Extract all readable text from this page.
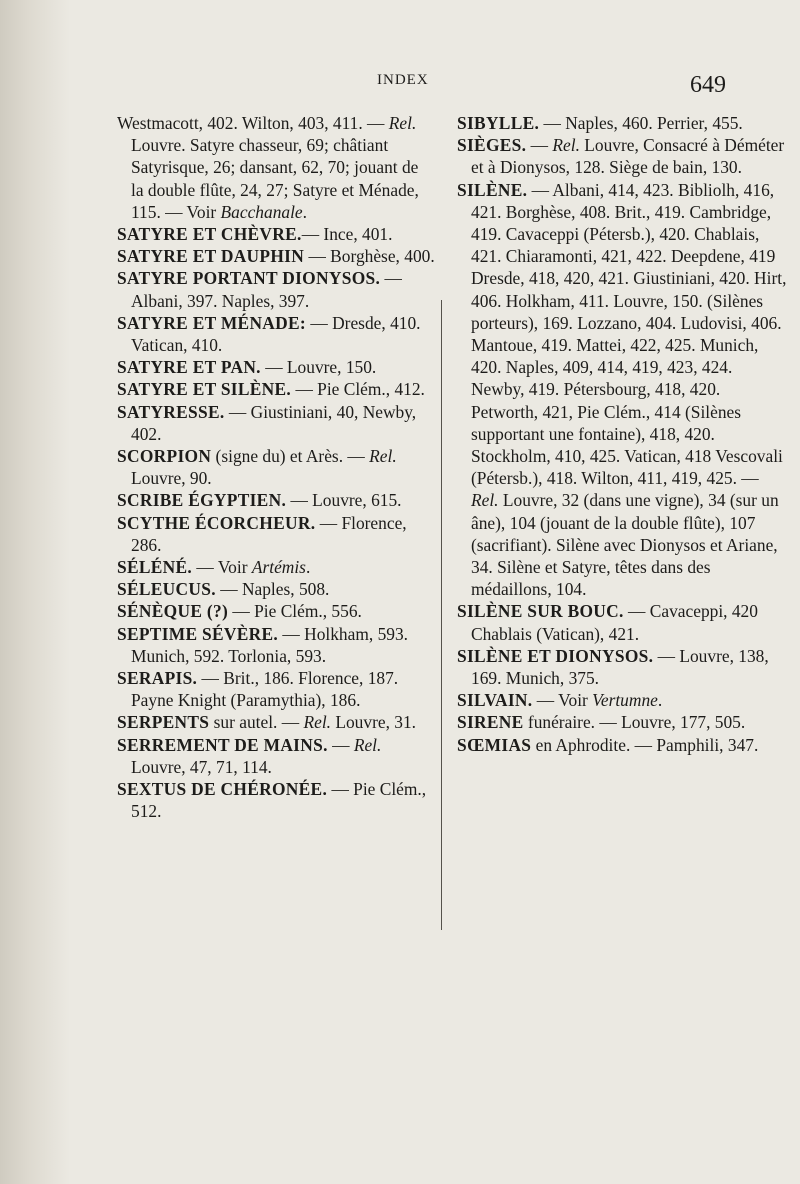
INDEX	649
Westmacott, 402. Wilton, 403, 411. — Rel. Louvre. Satyre chasseur, 69; châtiant Satyrisque, 26; dansant, 62, 70; jouant de la double flûte, 24, 27; Satyre et Ménade, 115. — Voir Bacchanale.
SATYRE ET CHÈVRE.— Ince, 401.
SATYRE ET DAUPHIN — Borghèse, 400.
SATYRE PORTANT DIONYSOS. — Albani, 397. Naples, 397.
SATYRE ET MÉNADE: — Dresde, 410. Vatican, 410.
SATYRE ET PAN. — Louvre, 150.
SATYRE ET SILÈNE. — Pie Clém., 412.
SATYRESSE. — Giustiniani, 40, Newby, 402.
SCORPION (signe du) et Arès. — Rel. Louvre, 90.
SCRIBE ÉGYPTIEN. — Louvre, 615.
SCYTHE ÉCORCHEUR. — Florence, 286.
SÉLÉNÉ. — Voir Artémis.
SÉLEUCUS. — Naples, 508.
SÉNÈQUE (?) — Pie Clém., 556.
SEPTIME SÉVÈRE. — Holkham, 593. Munich, 592. Torlonia, 593.
SERAPIS. — Brit., 186. Florence, 187. Payne Knight (Paramythia), 186.
SERPENTS sur autel. — Rel. Louvre, 31.
SERREMENT DE MAINS. — Rel. Louvre, 47, 71, 114.
SEXTUS DE CHÉRONÉE. — Pie Clém., 512.
SIBYLLE. — Naples, 460. Perrier, 455.
SIÈGES. — Rel. Louvre, Consacré à Déméter et à Dionysos, 128. Siège de bain, 130.
SILÈNE. — Albani, 414, 423. Bibliolh, 416, 421. Borghèse, 408. Brit., 419. Cambridge, 419. Cavaceppi (Pétersb.), 420. Chablais, 421. Chiaramonti, 421, 422. Deepdene, 419 Dresde, 418, 420, 421. Giustiniani, 420. Hirt, 406. Holkham, 411. Louvre, 150. (Silènes porteurs), 169. Lozzano, 404. Ludovisi, 406. Mantoue, 419. Mattei, 422, 425. Munich, 420. Naples, 409, 414, 419, 423, 424. Newby, 419. Pétersbourg, 418, 420. Petworth, 421, Pie Clém., 414 (Silènes supportant une fontaine), 418, 420. Stockholm, 410, 425. Vatican, 418 Vescovali (Pétersb.), 418. Wilton, 411, 419, 425. — Rel. Louvre, 32 (dans une vigne), 34 (sur un âne), 104 (jouant de la double flûte), 107 (sacrifiant). Silène avec Dionysos et Ariane, 34. Silène et Satyre, têtes dans des médaillons, 104.
SILÈNE SUR BOUC. — Cavaceppi, 420 Chablais (Vatican), 421.
SILÈNE ET DIONYSOS. — Louvre, 138, 169. Munich, 375.
SILVAIN. — Voir Vertumne.
SIRENE funéraire. — Louvre, 177, 505.
SŒMIAS en Aphrodite. — Pamphili, 347.
